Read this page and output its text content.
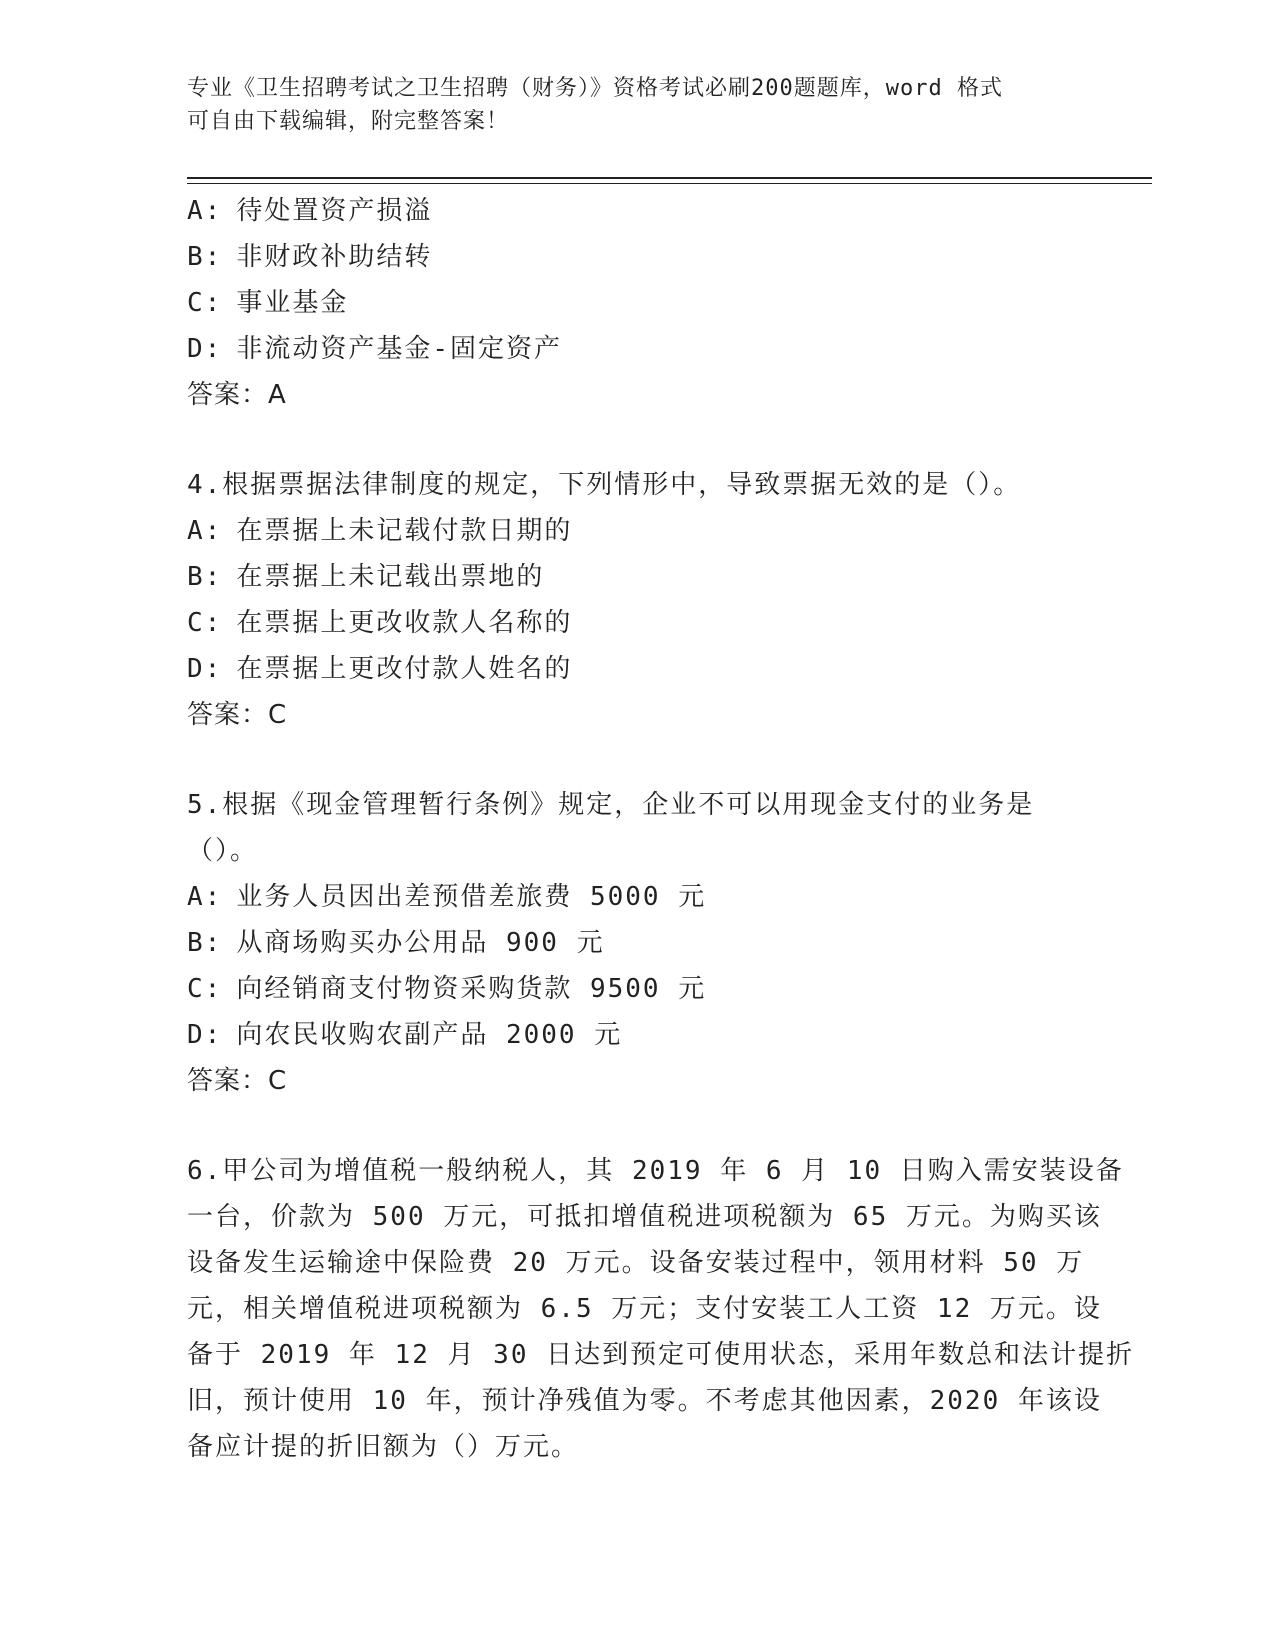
专业《卫生招聘考试之卫生招聘（财务）》资格考试必刷200题题库，word 格式
可自由下载编辑，附完整答案！
A: 待处置资产损溢
B: 非财政补助结转
C: 事业基金
D: 非流动资产基金-固定资产
答案：A
4.根据票据法律制度的规定，下列情形中，导致票据无效的是（）。
A: 在票据上未记载付款日期的
B: 在票据上未记载出票地的
C: 在票据上更改收款人名称的
D: 在票据上更改付款人姓名的
答案：C
5.根据《现金管理暂行条例》规定，企业不可以用现金支付的业务是
（）。
A: 业务人员因出差预借差旅费 5000 元
B: 从商场购买办公用品 900 元
C: 向经销商支付物资采购货款 9500 元
D: 向农民收购农副产品 2000 元
答案：C
6.甲公司为增值税一般纳税人，其 2019 年 6 月 10 日购入需安装设备
一台，价款为 500 万元，可抵扣增值税进项税额为 65 万元。为购买该
设备发生运输途中保险费 20 万元。设备安装过程中，领用材料 50 万
元，相关增值税进项税额为 6.5 万元；支付安装工人工资 12 万元。设
备于 2019 年 12 月 30 日达到预定可使用状态，采用年数总和法计提折
旧，预计使用 10 年，预计净残值为零。不考虑其他因素，2020 年该设
备应计提的折旧额为（）万元。
